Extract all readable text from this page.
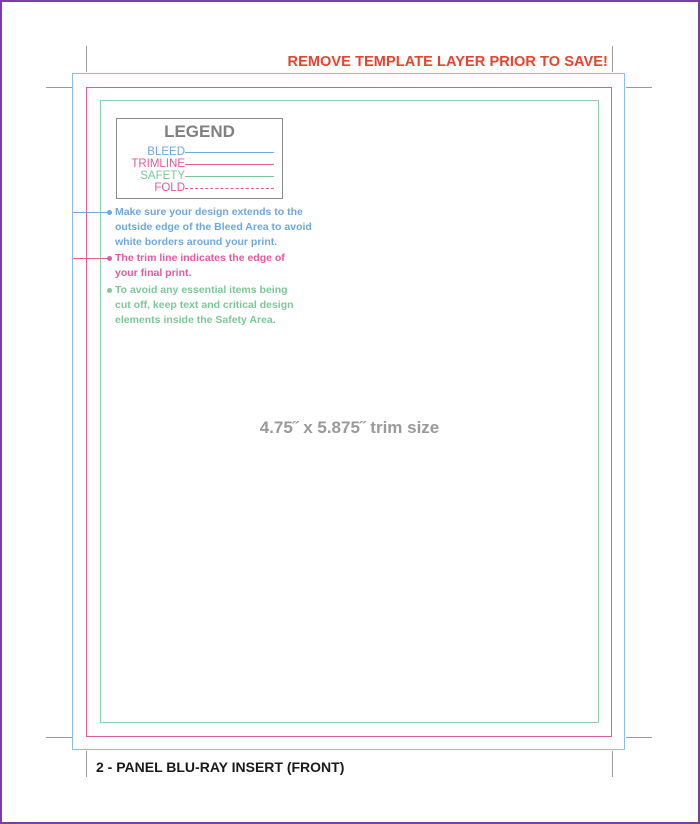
REMOVE TEMPLATE LAYER PRIOR TO SAVE!
LEGEND
BLEED
TRIMLINE
SAFETY
FOLD
Make sure your design extends to the
outside edge of the Bleed Area to avoid
white borders around your print.
The trim line indicates the edge of
your final print.
To avoid any essential items being
cut off, keep text and critical design
elements inside the Safety Area.
4.75˝ x 5.875˝ trim size
2 - PANEL BLU-RAY INSERT (FRONT)
